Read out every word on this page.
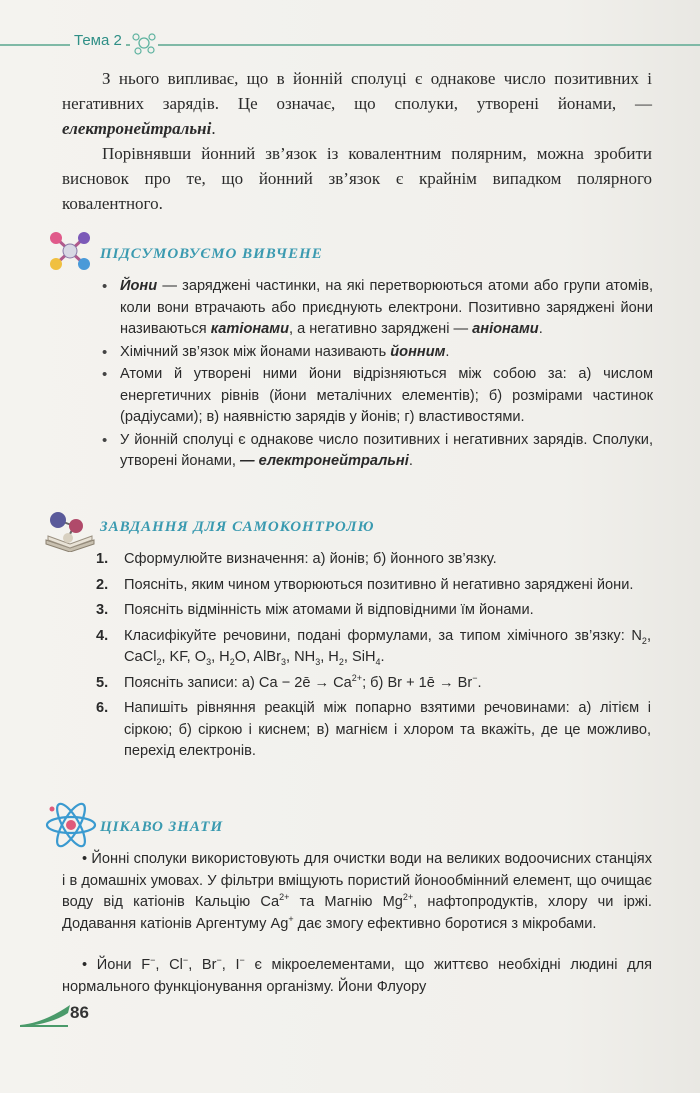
Тема 2

З нього випливає, що в йонній сполуці є однакове число позитивних і негативних зарядів. Це означає, що сполуки, утворені йонами, — електронейтральні.

Порівнявши йонний зв’язок із ковалентним полярним, можна зробити висновок про те, що йонний зв’язок є крайнім випадком полярного ковалентного.

ПІДСУМОВУЄМО ВИВЧЕНЕ
• Йони — заряджені частинки, на які перетворюються атоми або групи атомів, коли вони втрачають або приєднують електрони. Позитивно заряджені йони називаються катіонами, а негативно заряджені — аніонами.
• Хімічний зв’язок між йонами називають йонним.
• Атоми й утворені ними йони відрізняються між собою за: а) числом енергетичних рівнів (йони металічних елементів); б) розмірами частинок (радіусами); в) наявністю зарядів у йонів; г) властивостями.
• У йонній сполуці є однакове число позитивних і негативних зарядів. Сполуки, утворені йонами, — електронейтральні.
ЗАВДАННЯ ДЛЯ САМОКОНТРОЛЮ
1. Сформулюйте визначення: а) йонів; б) йонного зв’язку.
2. Поясніть, яким чином утворюються позитивно й негативно заряджені йони.
3. Поясніть відмінність між атомами й відповідними їм йонами.
4. Класифікуйте речовини, подані формулами, за типом хімічного зв’язку: $N_2$, CaCl$_2$, KF, $O_3$, $H_2O$, AlBr$_3$, $NH_3$, $H_2$, SiH$_4$.
5. Поясніть записи: а) Ca − 2ē → $Ca^{2+}$; б) Br + 1ē → Br−.
6. Напишіть рівняння реакцій між попарно взятими речовинами: а) літієм і сіркою; б) сіркою і киснем; в) магнієм і хлором та вкажіть, де це можливо, перехід електронів.
ЦІКАВО ЗНАТИ

• Йонні сполуки використовують для очистки води на великих водоочисних станціях і в домашніх умовах. У фільтри вміщують пористий йонообмінний елемент, що очищає воду від катіонів Кальцію $Ca^{2+}$ та Магнію $Mg^{2+}$, нафтопродуктів, хлору чи іржі. Додавання катіонів Аргентуму Ag+ дає змогу ефективно боротися з мікробами.

• Йони F−, Cl−, Br−, I− є мікроелементами, що життєво необхідні людині для нормального функціонування організму. Йони Флуору

86
